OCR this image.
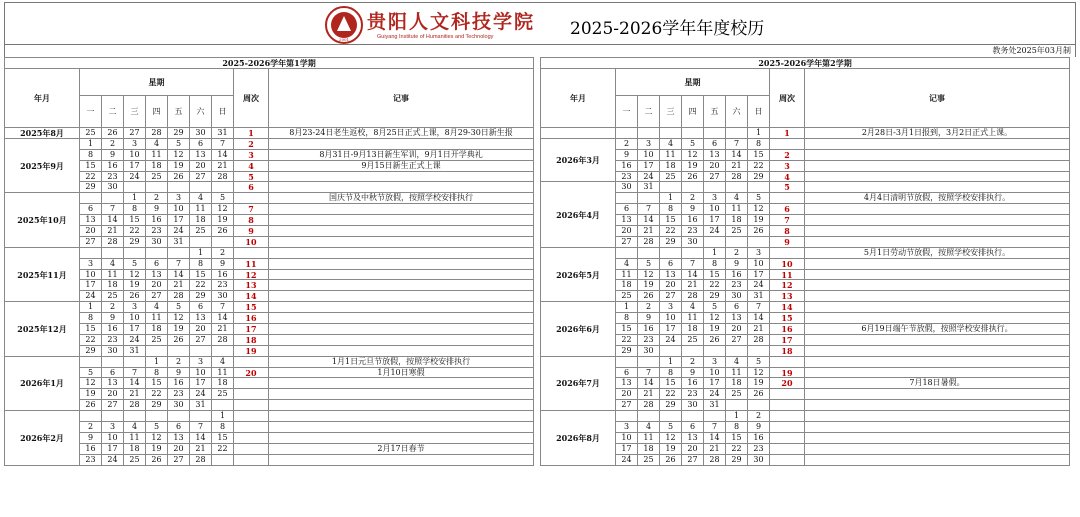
2001
贵阳人文科技学院
Guiyang Institute of Humanities and Technology	2025-2026学年年度校历
教务处2025年03月制
2025-2026学年第1学期									
年月	星期							周次	记事
	一	二	三	四	五	六	日		
2025年8月	25	26	27	28	29	30	31	1	8月23-24日老生返校，8月25日正式上课，8月29-30日新生报
2025年9月	1	2	3	4	5	6	7	2	
	8	9	10	11	12	13	14	3	8月31日-9月13日新生军训，9月1日开学典礼
	15	16	17	18	19	20	21	4	9月15日新生正式上课
	22	23	24	25	26	27	28	5	
	29	30						6	
2025年10月			1	2	3	4	5		国庆节及中秋节放假，按照学校安排执行
	6	7	8	9	10	11	12	7	
	13	14	15	16	17	18	19	8	
	20	21	22	23	24	25	26	9	
	27	28	29	30	31			10	
2025年11月						1	2		
	3	4	5	6	7	8	9	11	
	10	11	12	13	14	15	16	12	
	17	18	19	20	21	22	23	13	
	24	25	26	27	28	29	30	14	
2025年12月	1	2	3	4	5	6	7	15	
	8	9	10	11	12	13	14	16	
	15	16	17	18	19	20	21	17	
	22	23	24	25	26	27	28	18	
	29	30	31					19	
2026年1月				1	2	3	4		1月1日元旦节放假，按照学校安排执行
	5	6	7	8	9	10	11	20	1月10日寒假
	12	13	14	15	16	17	18		
	19	20	21	22	23	24	25		
	26	27	28	29	30	31			
2026年2月							1		
	2	3	4	5	6	7	8		
	9	10	11	12	13	14	15		
	16	17	18	19	20	21	22		2月17日春节
	23	24	25	26	27	28			
2025-2026学年第2学期									
年月	星期							周次	记事
	一	二	三	四	五	六	日		
							1	1	2月28日-3月1日报到，3月2日正式上课。
2026年3月	2	3	4	5	6	7	8		
	9	10	11	12	13	14	15	2	
	16	17	18	19	20	21	22	3	
	23	24	25	26	27	28	29	4	
2026年4月	30	31						5	
			1	2	3	4	5		4月4日清明节放假，按照学校安排执行。
	6	7	8	9	10	11	12	6	
	13	14	15	16	17	18	19	7	
	20	21	22	23	24	25	26	8	
	27	28	29	30				9	
2026年5月					1	2	3		5月1日劳动节放假，按照学校安排执行。
	4	5	6	7	8	9	10	10	
	11	12	13	14	15	16	17	11	
	18	19	20	21	22	23	24	12	
	25	26	27	28	29	30	31	13	
2026年6月	1	2	3	4	5	6	7	14	
	8	9	10	11	12	13	14	15	
	15	16	17	18	19	20	21	16	6月19日端午节放假，按照学校安排执行。
	22	23	24	25	26	27	28	17	
	29	30						18	
2026年7月			1	2	3	4	5		
	6	7	8	9	10	11	12	19	
	13	14	15	16	17	18	19	20	7月18日暑假。
	20	21	22	23	24	25	26		
	27	28	29	30	31				
2026年8月						1	2		
	3	4	5	6	7	8	9		
	10	11	12	13	14	15	16		
	17	18	19	20	21	22	23		
	24	25	26	27	28	29	30		
